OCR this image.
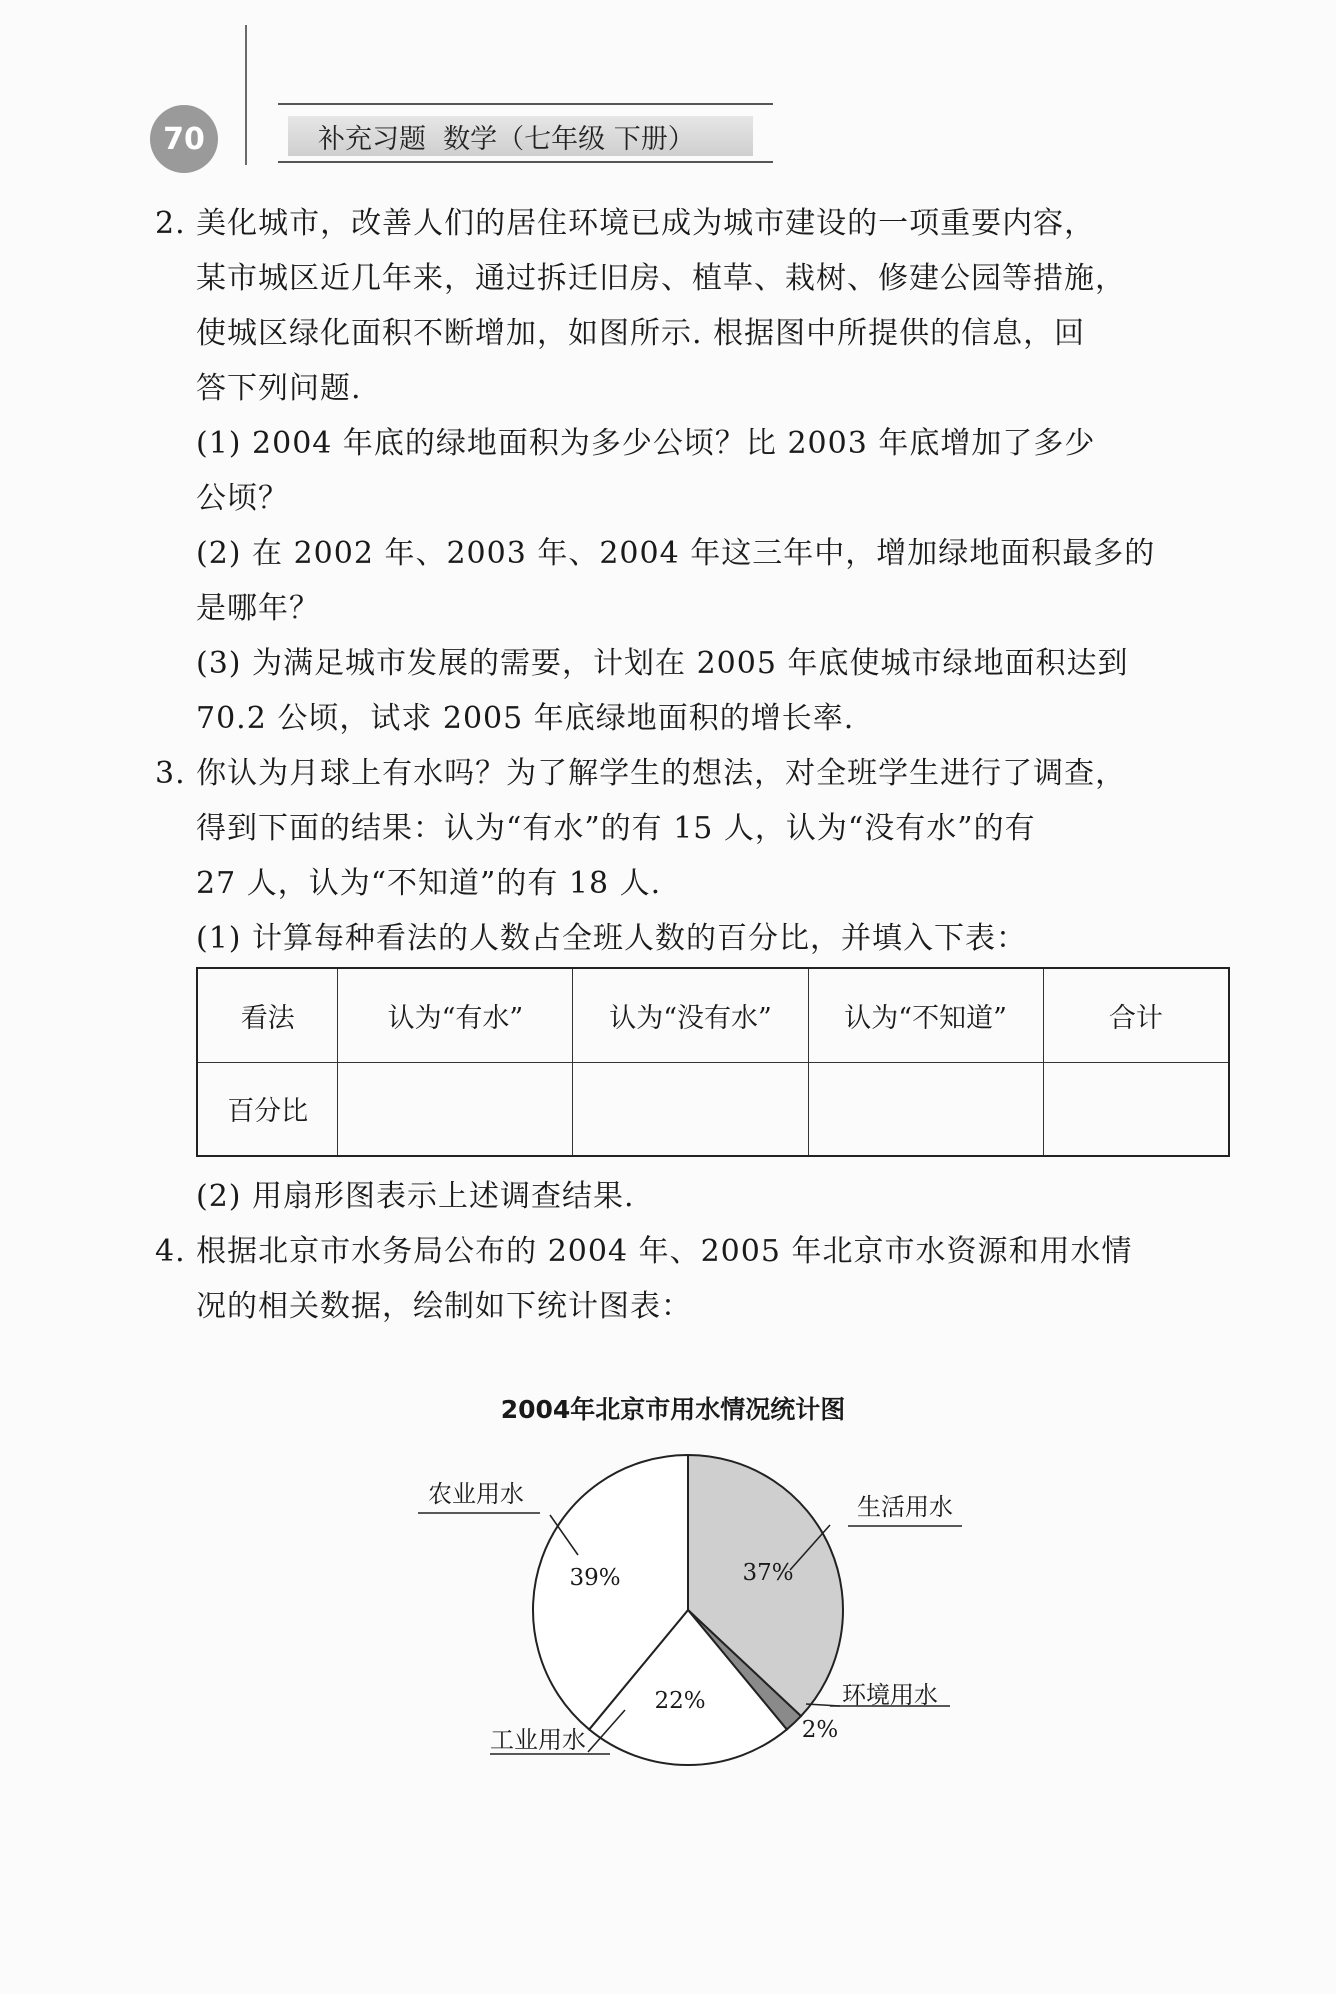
70	补充习题  数学（七年级 下册）
2. 美化城市，改善人们的居住环境已成为城市建设的一项重要内容，
某市城区近几年来，通过拆迁旧房、植草、栽树、修建公园等措施，
使城区绿化面积不断增加，如图所示. 根据图中所提供的信息，回
答下列问题.
(1) 2004 年底的绿地面积为多少公顷？比 2003 年底增加了多少
公顷？
(2) 在 2002 年、2003 年、2004 年这三年中，增加绿地面积最多的
是哪年？
(3) 为满足城市发展的需要，计划在 2005 年底使城市绿地面积达到
70.2 公顷，试求 2005 年底绿地面积的增长率.
3. 你认为月球上有水吗？为了解学生的想法，对全班学生进行了调查，
得到下面的结果：认为“有水”的有 15 人，认为“没有水”的有
27 人，认为“不知道”的有 18 人.
(1) 计算每种看法的人数占全班人数的百分比，并填入下表：
看法	认为“有水”	认为“没有水”	认为“不知道”	合计
百分比				
(2) 用扇形图表示上述调查结果.
4. 根据北京市水务局公布的 2004 年、2005 年北京市水资源和用水情
况的相关数据，绘制如下统计图表：
2004年北京市用水情况统计图
生活用水
37%
环境用水
2%
工业用水
22%
农业用水
39%
